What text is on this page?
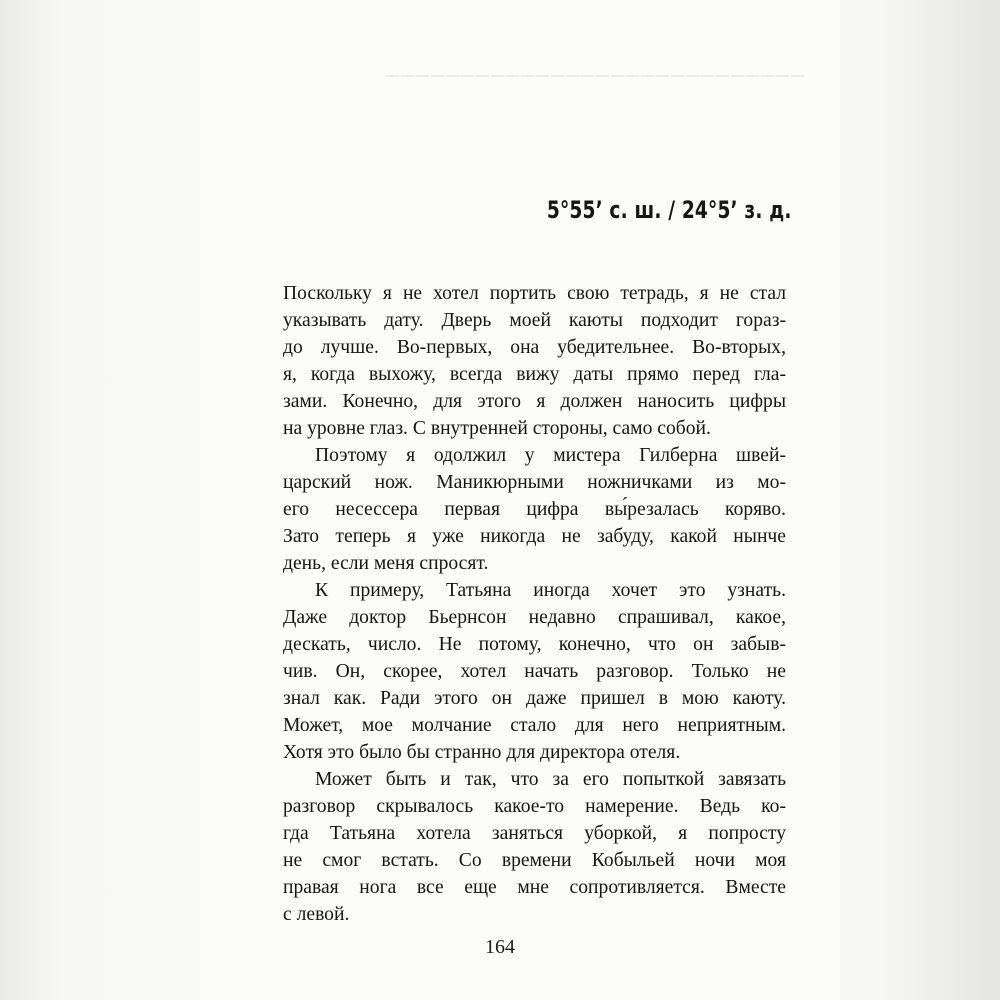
————————————————————————————
5°55’ с. ш. / 24°5’ з. д.
Поскольку я не хотел портить свою тетрадь, я не стал
указывать дату. Дверь моей каюты подходит гораз-
до лучше. Во-первых, она убедительнее. Во-вторых,
я, когда выхожу, всегда вижу даты прямо перед гла-
зами. Конечно, для этого я должен наносить цифры
на уровне глаз. С внутренней стороны, само собой.
Поэтому я одолжил у мистера Гилберна швей-
царский нож. Маникюрными ножничками из мо-
его несессера первая цифра вы́резалась коряво.
Зато теперь я уже никогда не забуду, какой нынче
день, если меня спросят.
К примеру, Татьяна иногда хочет это узнать.
Даже доктор Бьернсон недавно спрашивал, какое,
дескать, число. Не потому, конечно, что он забыв-
чив. Он, скорее, хотел начать разговор. Только не
знал как. Ради этого он даже пришел в мою каюту.
Может, мое молчание стало для него неприятным.
Хотя это было бы странно для директора отеля.
Может быть и так, что за его попыткой завязать
разговор скрывалось какое-то намерение. Ведь ко-
гда Татьяна хотела заняться уборкой, я попросту
не смог встать. Со времени Кобыльей ночи моя
правая нога все еще мне сопротивляется. Вместе
с левой.
164
